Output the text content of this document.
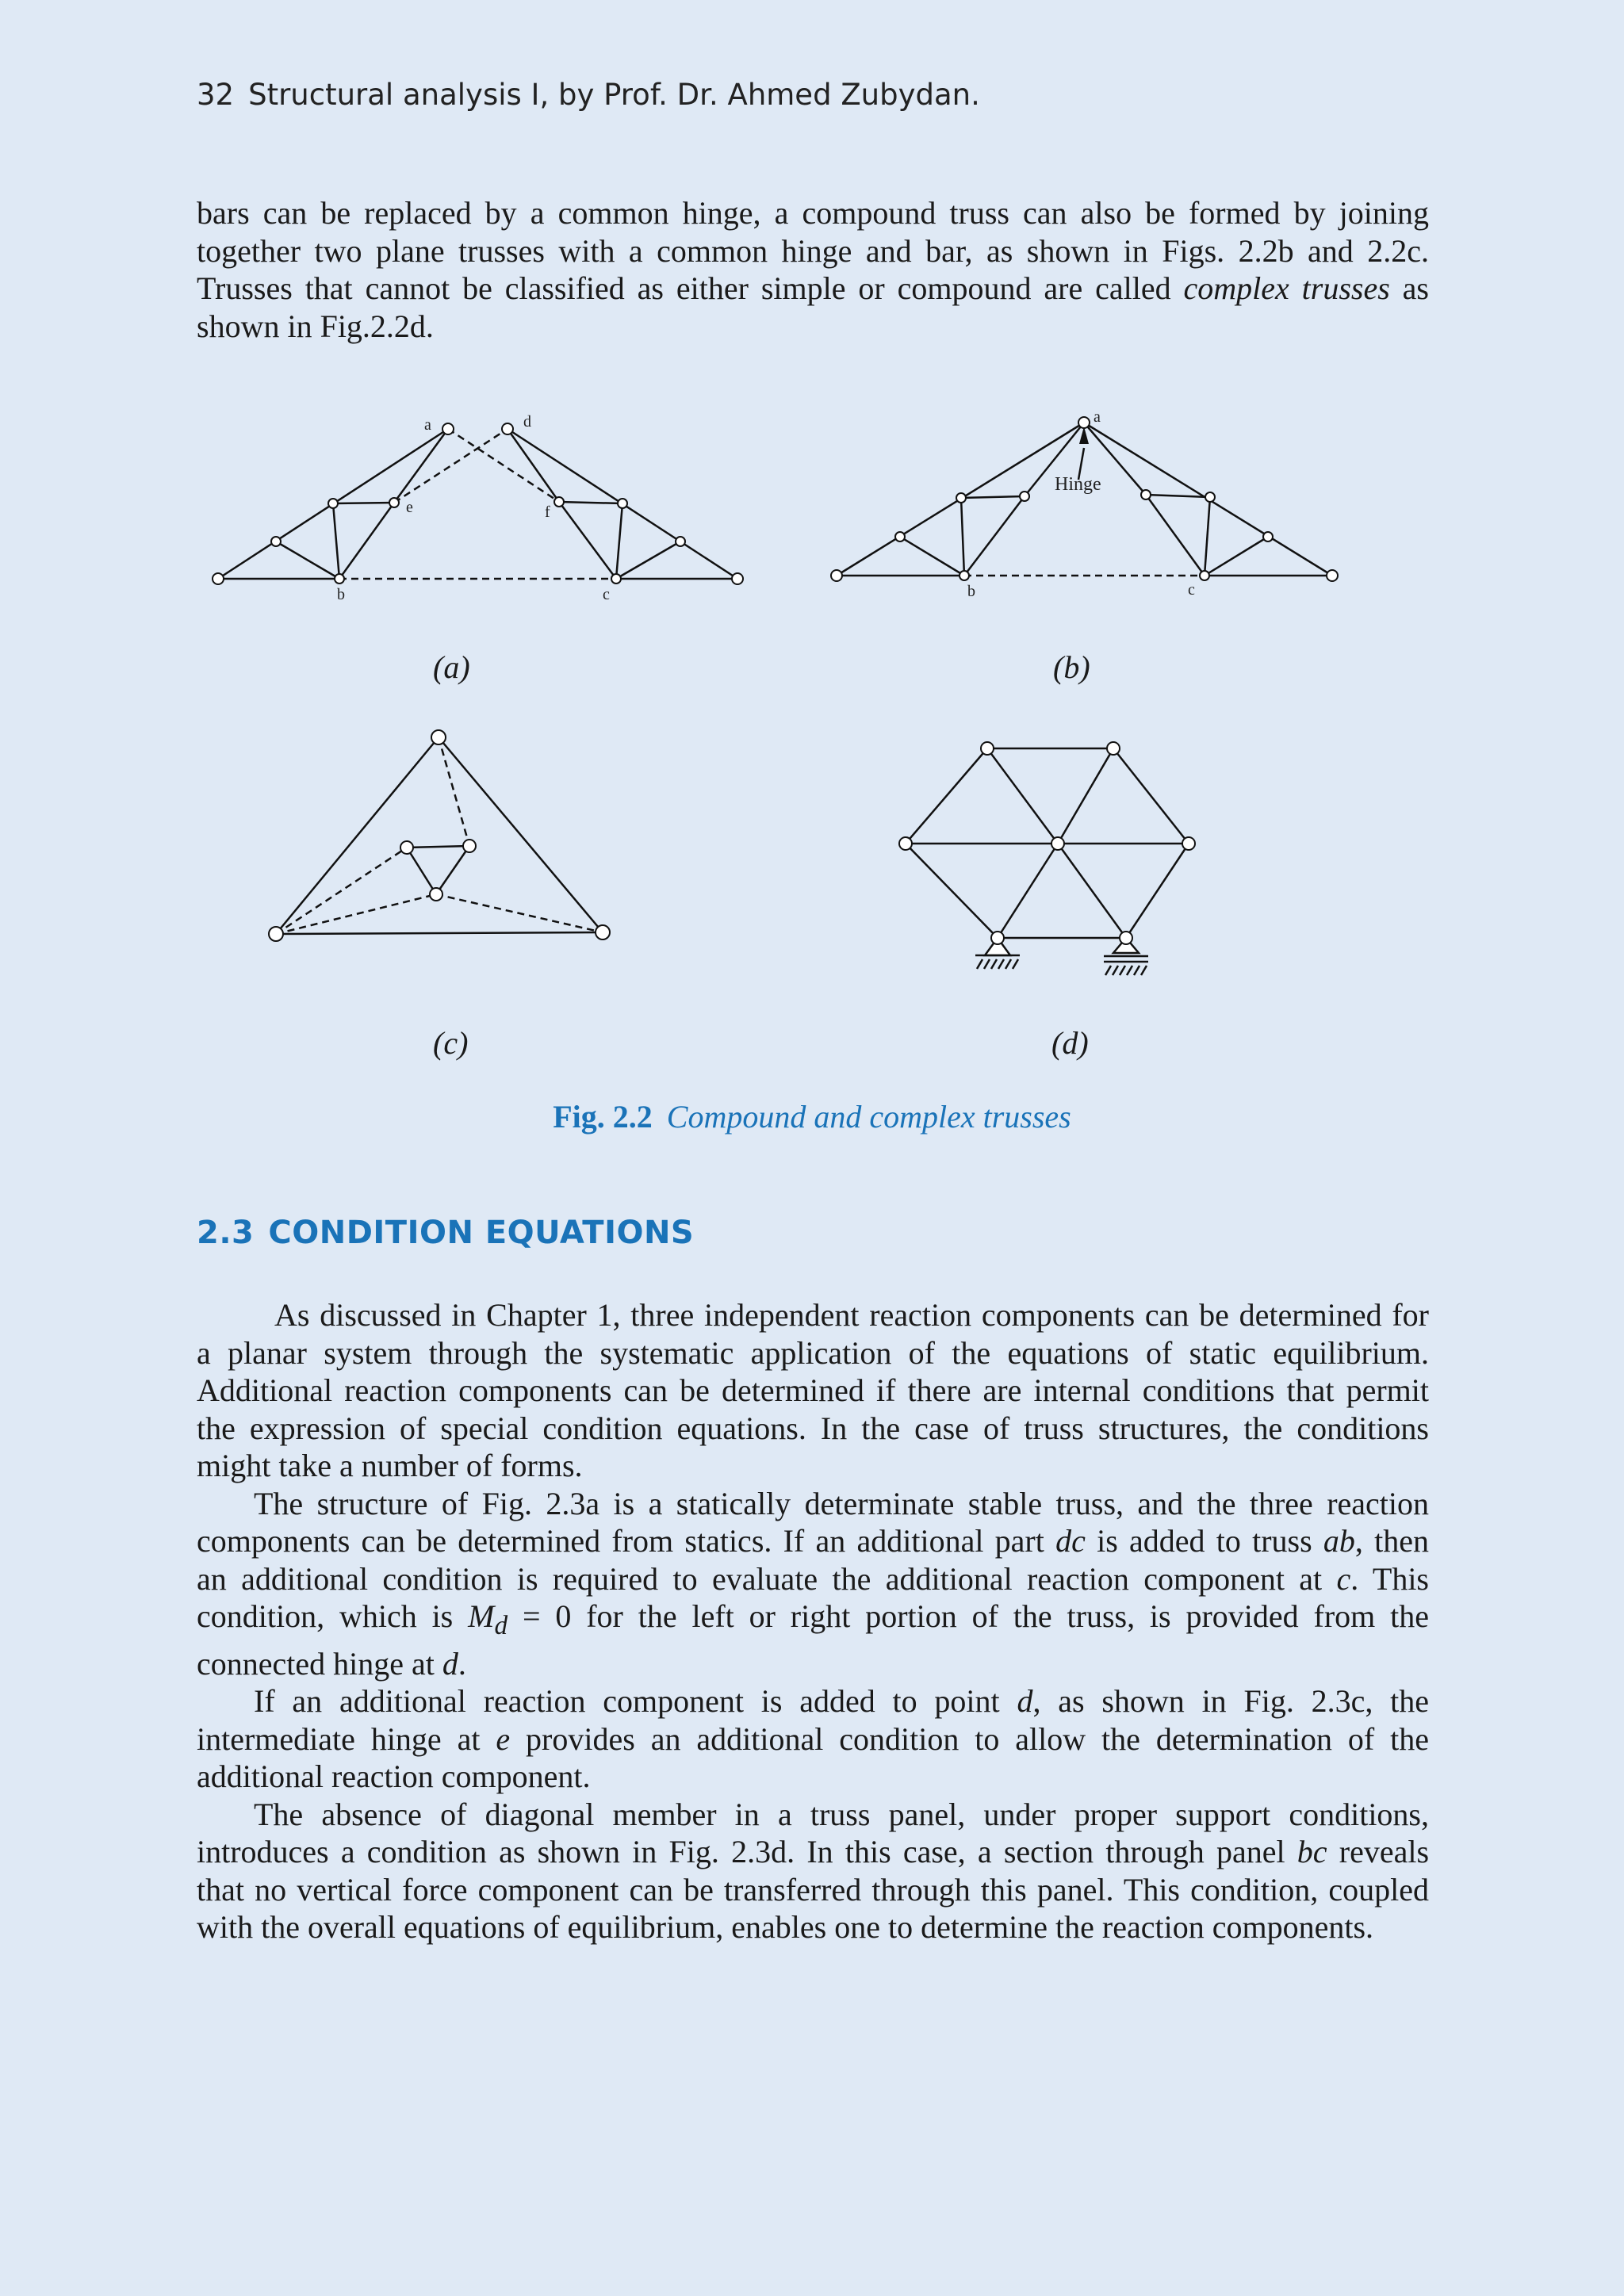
32 Structural analysis I, by Prof. Dr. Ahmed Zubydan.
bars can be replaced by a common hinge, a compound truss can also be formed by joining
together two plane trusses with a common hinge and bar, as shown in Figs. 2.2b and 2.2c.
Trusses that cannot be classified as either simple or compound are called complex trusses as
shown in Fig.2.2d.
a	d
e	f
b	c
(a)
a
Hinge
b	c
(b)
(c)	(d)
Fig. 2.2 Compound and complex trusses
2.3 CONDITION EQUATIONS
As discussed in Chapter 1, three independent reaction components can be determined for
a planar system through the systematic application of the equations of static equilibrium.
Additional reaction components can be determined if there are internal conditions that permit
the expression of special condition equations. In the case of truss structures, the conditions
might take a number of forms.
The structure of Fig. 2.3a is a statically determinate stable truss, and the three reaction
components can be determined from statics. If an additional part dc is added to truss ab, then
an additional condition is required to evaluate the additional reaction component at c. This
condition, which is $M_d = 0$ for the left or right portion of the truss, is provided from the
connected hinge at d.
If an additional reaction component is added to point d, as shown in Fig. 2.3c, the
intermediate hinge at e provides an additional condition to allow the determination of the
additional reaction component.
The absence of diagonal member in a truss panel, under proper support conditions,
introduces a condition as shown in Fig. 2.3d. In this case, a section through panel bc reveals
that no vertical force component can be transferred through this panel. This condition, coupled
with the overall equations of equilibrium, enables one to determine the reaction components.
